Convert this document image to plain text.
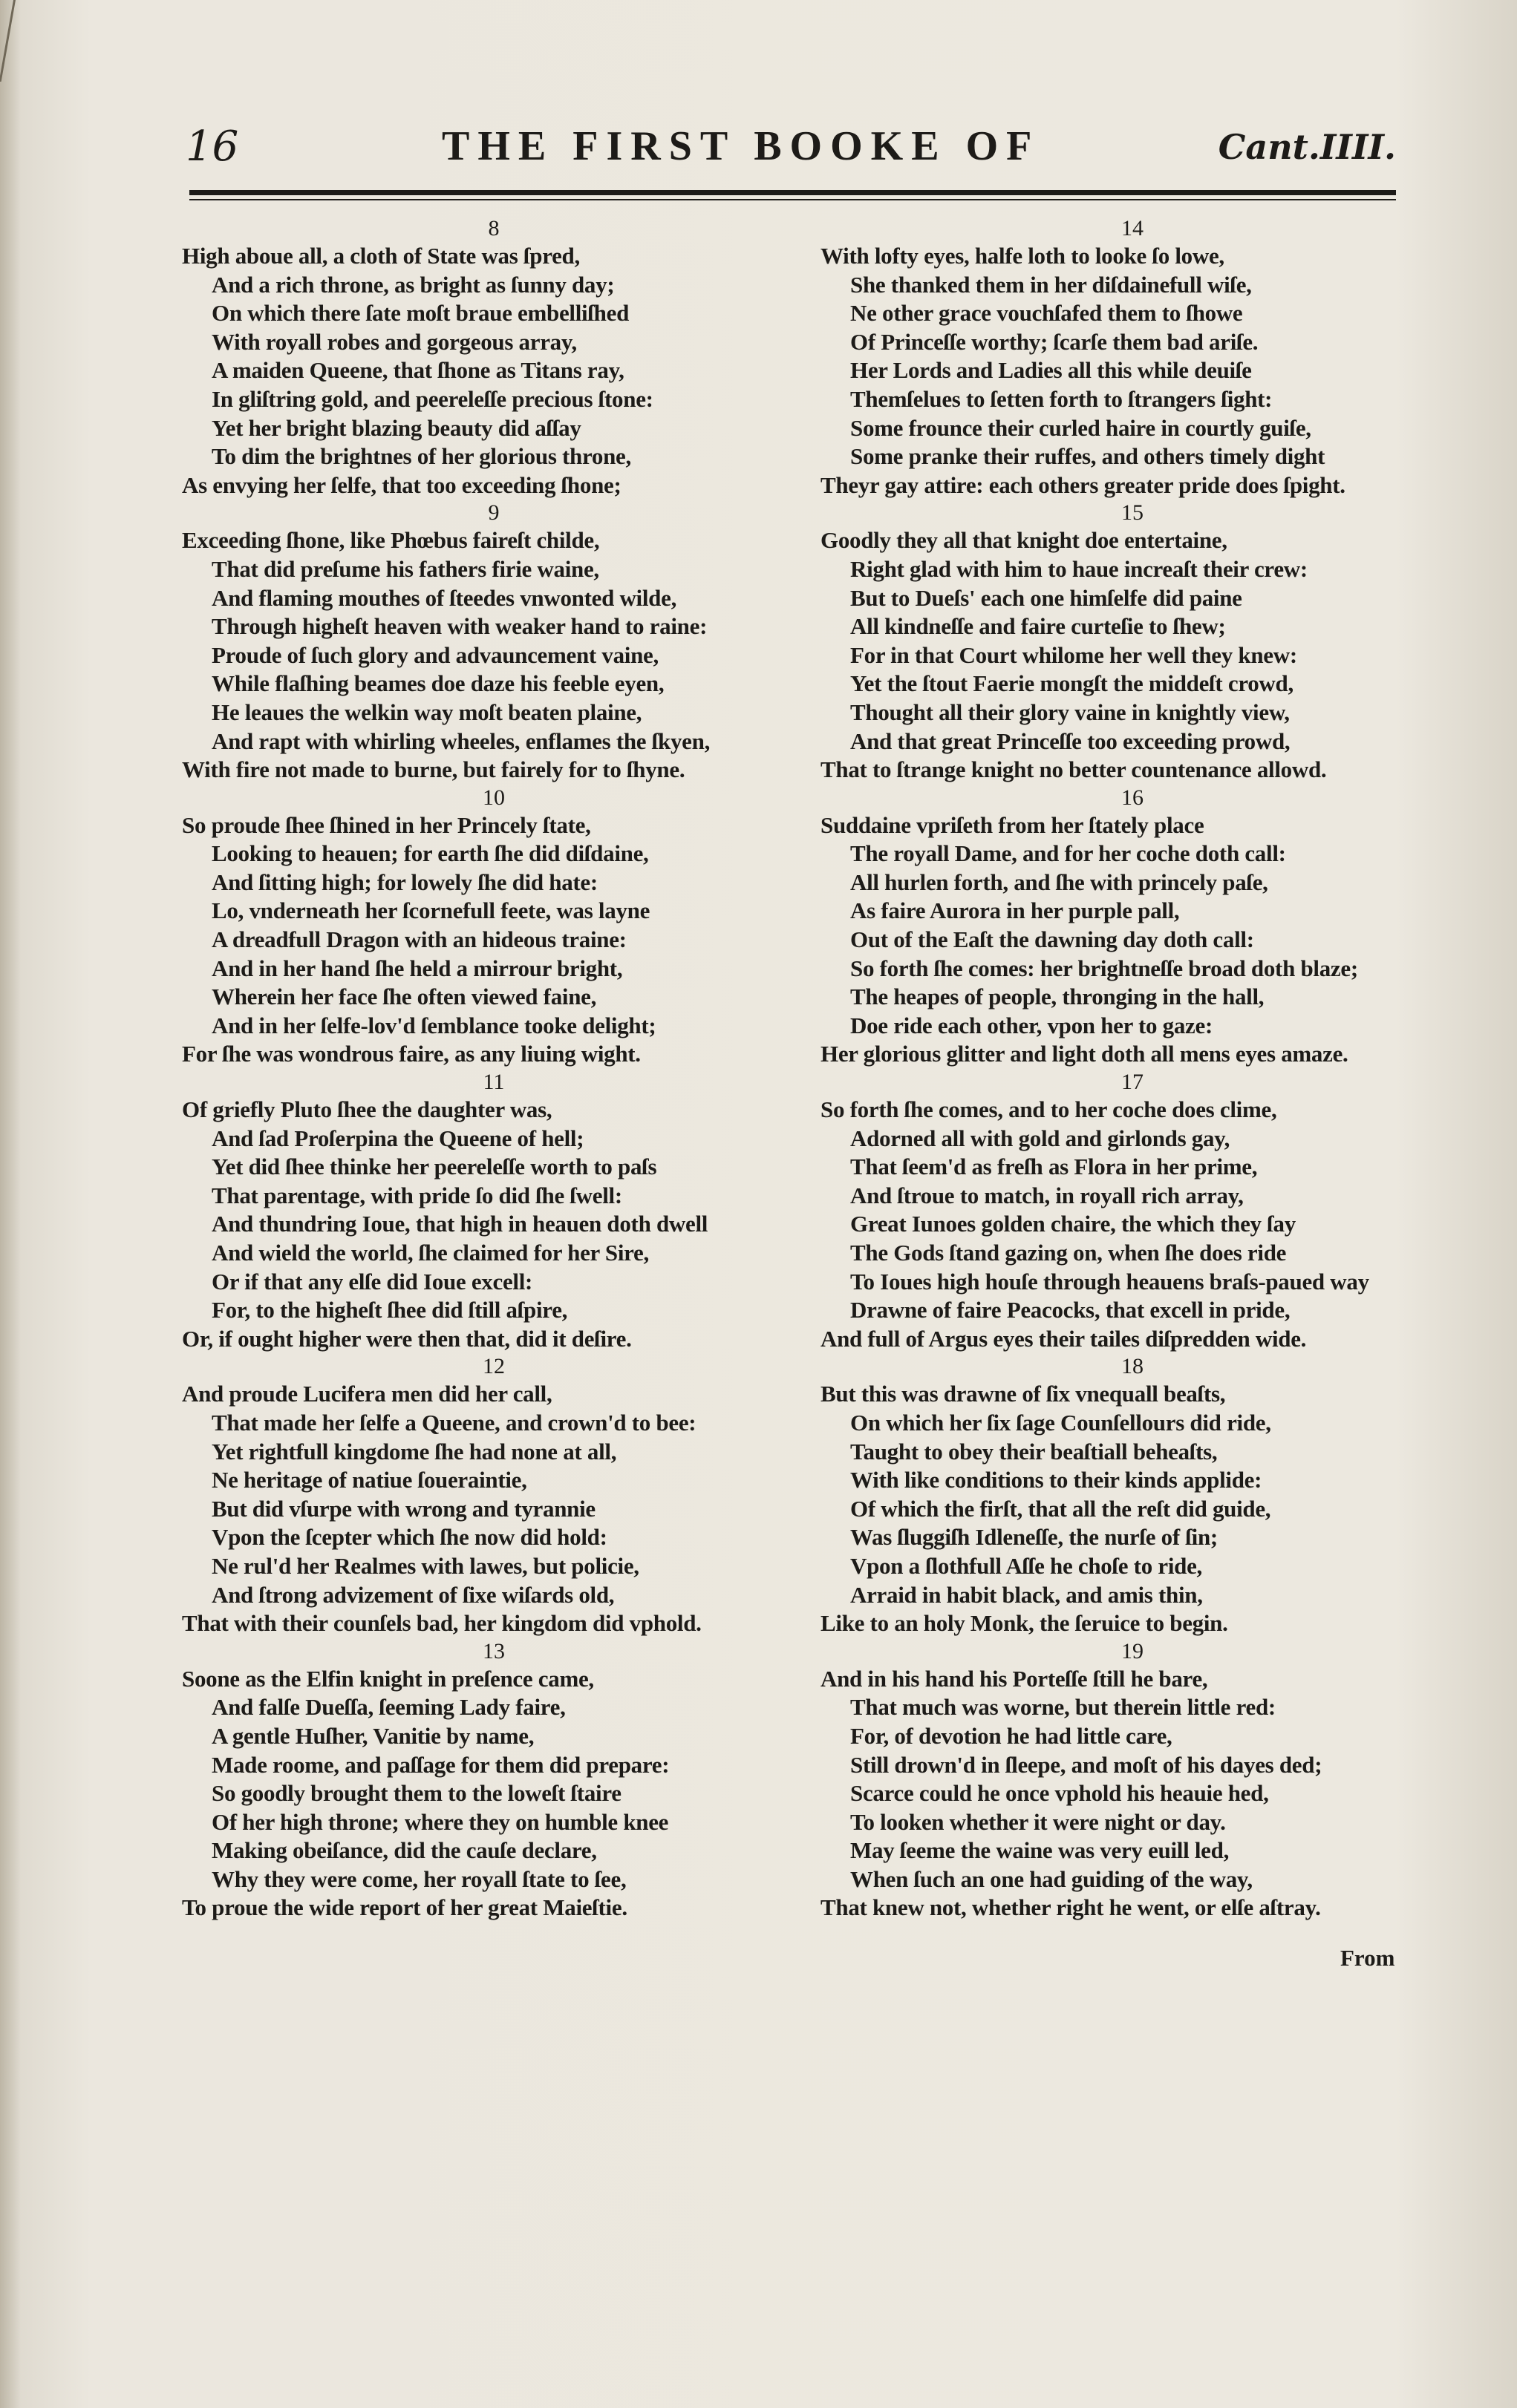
16	THE FIRST BOOKE OF	Cant.IIII.
8
High aboue all, a cloth of State was ſpred,
And a rich throne, as bright as ſunny day;
On which there ſate moſt braue embelliſhed
With royall robes and gorgeous array,
A maiden Queene, that ſhone as Titans ray,
In gliſtring gold, and peereleſſe precious ſtone:
Yet her bright blazing beauty did aſſay
To dim the brightnes of her glorious throne,
As envying her ſelfe, that too exceeding ſhone;
9
Exceeding ſhone, like Phœbus faireſt childe,
That did preſume his fathers firie waine,
And flaming mouthes of ſteedes vnwonted wilde,
Through higheſt heaven with weaker hand to raine:
Proude of ſuch glory and advauncement vaine,
While flaſhing beames doe daze his feeble eyen,
He leaues the welkin way moſt beaten plaine,
And rapt with whirling wheeles, enflames the ſkyen,
With fire not made to burne, but fairely for to ſhyne.
10
So proude ſhee ſhined in her Princely ſtate,
Looking to heauen; for earth ſhe did diſdaine,
And ſitting high; for lowely ſhe did hate:
Lo, vnderneath her ſcornefull feete, was layne
A dreadfull Dragon with an hideous traine:
And in her hand ſhe held a mirrour bright,
Wherein her face ſhe often viewed faine,
And in her ſelfe-lov'd ſemblance tooke delight;
For ſhe was wondrous faire, as any liuing wight.
11
Of griefly Pluto ſhee the daughter was,
And ſad Proſerpina the Queene of hell;
Yet did ſhee thinke her peereleſſe worth to paſs
That parentage, with pride ſo did ſhe ſwell:
And thundring Ioue, that high in heauen doth dwell
And wield the world, ſhe claimed for her Sire,
Or if that any elſe did Ioue excell:
For, to the higheſt ſhee did ſtill aſpire,
Or, if ought higher were then that, did it deſire.
12
And proude Lucifera men did her call,
That made her ſelfe a Queene, and crown'd to bee:
Yet rightfull kingdome ſhe had none at all,
Ne heritage of natiue ſoueraintie,
But did vſurpe with wrong and tyrannie
Vpon the ſcepter which ſhe now did hold:
Ne rul'd her Realmes with lawes, but policie,
And ſtrong advizement of ſixe wiſards old,
That with their counſels bad, her kingdom did vphold.
13
Soone as the Elfin knight in preſence came,
And falſe Dueſſa, ſeeming Lady faire,
A gentle Huſher, Vanitie by name,
Made roome, and paſſage for them did prepare:
So goodly brought them to the loweſt ſtaire
Of her high throne; where they on humble knee
Making obeiſance, did the cauſe declare,
Why they were come, her royall ſtate to ſee,
To proue the wide report of her great Maieſtie.
14
With lofty eyes, halfe loth to looke ſo lowe,
She thanked them in her diſdainefull wiſe,
Ne other grace vouchſafed them to ſhowe
Of Princeſſe worthy; ſcarſe them bad ariſe.
Her Lords and Ladies all this while deuiſe
Themſelues to ſetten forth to ſtrangers ſight:
Some frounce their curled haire in courtly guiſe,
Some pranke their ruffes, and others timely dight
Theyr gay attire: each others greater pride does ſpight.
15
Goodly they all that knight doe entertaine,
Right glad with him to haue increaſt their crew:
But to Dueſs' each one himſelfe did paine
All kindneſſe and faire curteſie to ſhew;
For in that Court whilome her well they knew:
Yet the ſtout Faerie mongſt the middeſt crowd,
Thought all their glory vaine in knightly view,
And that great Princeſſe too exceeding prowd,
That to ſtrange knight no better countenance allowd.
16
Suddaine vpriſeth from her ſtately place
The royall Dame, and for her coche doth call:
All hurlen forth, and ſhe with princely paſe,
As faire Aurora in her purple pall,
Out of the Eaſt the dawning day doth call:
So forth ſhe comes: her brightneſſe broad doth blaze;
The heapes of people, thronging in the hall,
Doe ride each other, vpon her to gaze:
Her glorious glitter and light doth all mens eyes amaze.
17
So forth ſhe comes, and to her coche does clime,
Adorned all with gold and girlonds gay,
That ſeem'd as freſh as Flora in her prime,
And ſtroue to match, in royall rich array,
Great Iunoes golden chaire, the which they ſay
The Gods ſtand gazing on, when ſhe does ride
To Ioues high houſe through heauens braſs-paued way
Drawne of faire Peacocks, that excell in pride,
And full of Argus eyes their tailes diſpredden wide.
18
But this was drawne of ſix vnequall beaſts,
On which her ſix ſage Counſellours did ride,
Taught to obey their beaſtiall beheaſts,
With like conditions to their kinds applide:
Of which the firſt, that all the reſt did guide,
Was ſluggiſh Idleneſſe, the nurſe of ſin;
Vpon a ſlothfull Aſſe he choſe to ride,
Arraid in habit black, and amis thin,
Like to an holy Monk, the ſeruice to begin.
19
And in his hand his Porteſſe ſtill he bare,
That much was worne, but therein little red:
For, of devotion he had little care,
Still drown'd in ſleepe, and moſt of his dayes ded;
Scarce could he once vphold his heauie hed,
To looken whether it were night or day.
May ſeeme the waine was very euill led,
When ſuch an one had guiding of the way,
That knew not, whether right he went, or elſe aſtray.
From
